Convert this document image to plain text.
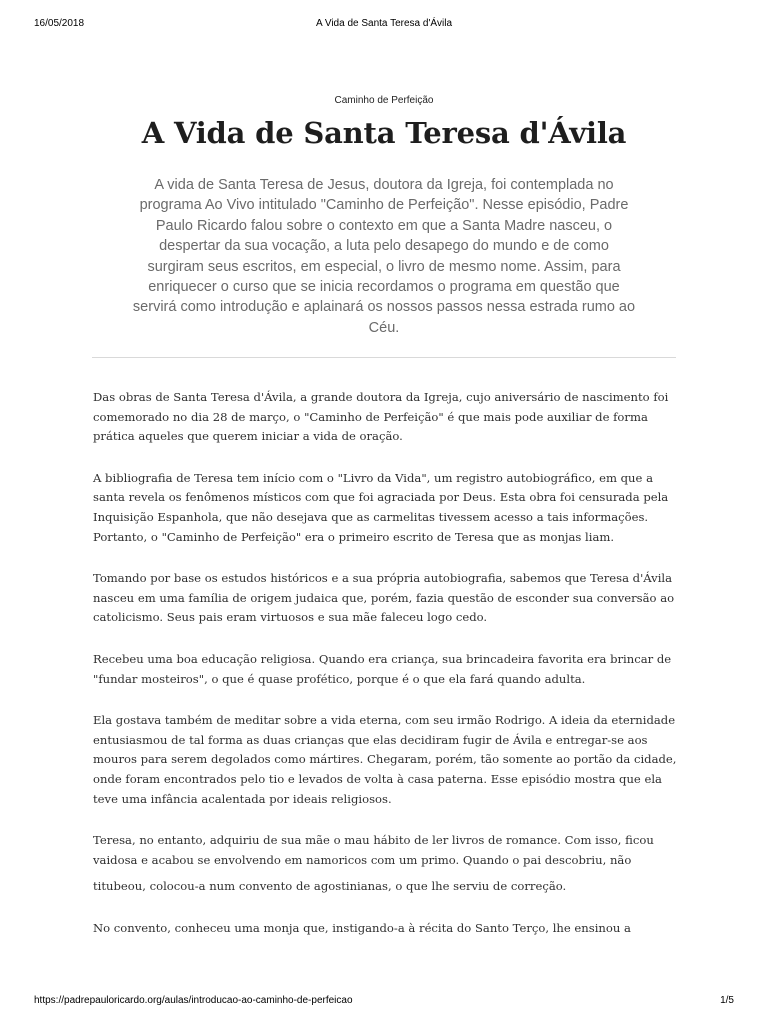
16/05/2018	A Vida de Santa Teresa d'Ávila
Caminho de Perfeição
A Vida de Santa Teresa d'Ávila

A vida de Santa Teresa de Jesus, doutora da Igreja, foi contemplada no programa Ao Vivo intitulado "Caminho de Perfeição". Nesse episódio, Padre Paulo Ricardo falou sobre o contexto em que a Santa Madre nasceu, o despertar da sua vocação, a luta pelo desapego do mundo e de como surgiram seus escritos, em especial, o livro de mesmo nome. Assim, para enriquecer o curso que se inicia recordamos o programa em questão que servirá como introdução e aplainará os nossos passos nessa estrada rumo ao Céu.

Das obras de Santa Teresa d'Ávila, a grande doutora da Igreja, cujo aniversário de nascimento foi comemorado no dia 28 de março, o "Caminho de Perfeição" é que mais pode auxiliar de forma prática aqueles que querem iniciar a vida de oração.

A bibliografia de Teresa tem início com o "Livro da Vida", um registro autobiográfico, em que a santa revela os fenômenos místicos com que foi agraciada por Deus. Esta obra foi censurada pela Inquisição Espanhola, que não desejava que as carmelitas tivessem acesso a tais informações. Portanto, o "Caminho de Perfeição" era o primeiro escrito de Teresa que as monjas liam.

Tomando por base os estudos históricos e a sua própria autobiografia, sabemos que Teresa d'Ávila nasceu em uma família de origem judaica que, porém, fazia questão de esconder sua conversão ao catolicismo. Seus pais eram virtuosos e sua mãe faleceu logo cedo.

Recebeu uma boa educação religiosa. Quando era criança, sua brincadeira favorita era brincar de "fundar mosteiros", o que é quase profético, porque é o que ela fará quando adulta.

Ela gostava também de meditar sobre a vida eterna, com seu irmão Rodrigo. A ideia da eternidade entusiasmou de tal forma as duas crianças que elas decidiram fugir de Ávila e entregar-se aos mouros para serem degolados como mártires. Chegaram, porém, tão somente ao portão da cidade, onde foram encontrados pelo tio e levados de volta à casa paterna. Esse episódio mostra que ela teve uma infância acalentada por ideais religiosos.

Teresa, no entanto, adquiriu de sua mãe o mau hábito de ler livros de romance. Com isso, ficou vaidosa e acabou se envolvendo em namoricos com um primo. Quando o pai descobriu, não

titubeou, colocou-a num convento de agostinianas, o que lhe serviu de correção.

No convento, conheceu uma monja que, instigando-a à récita do Santo Terço, lhe ensinou a

https://padrepauloricardo.org/aulas/introducao-ao-caminho-de-perfeicao	1/5
